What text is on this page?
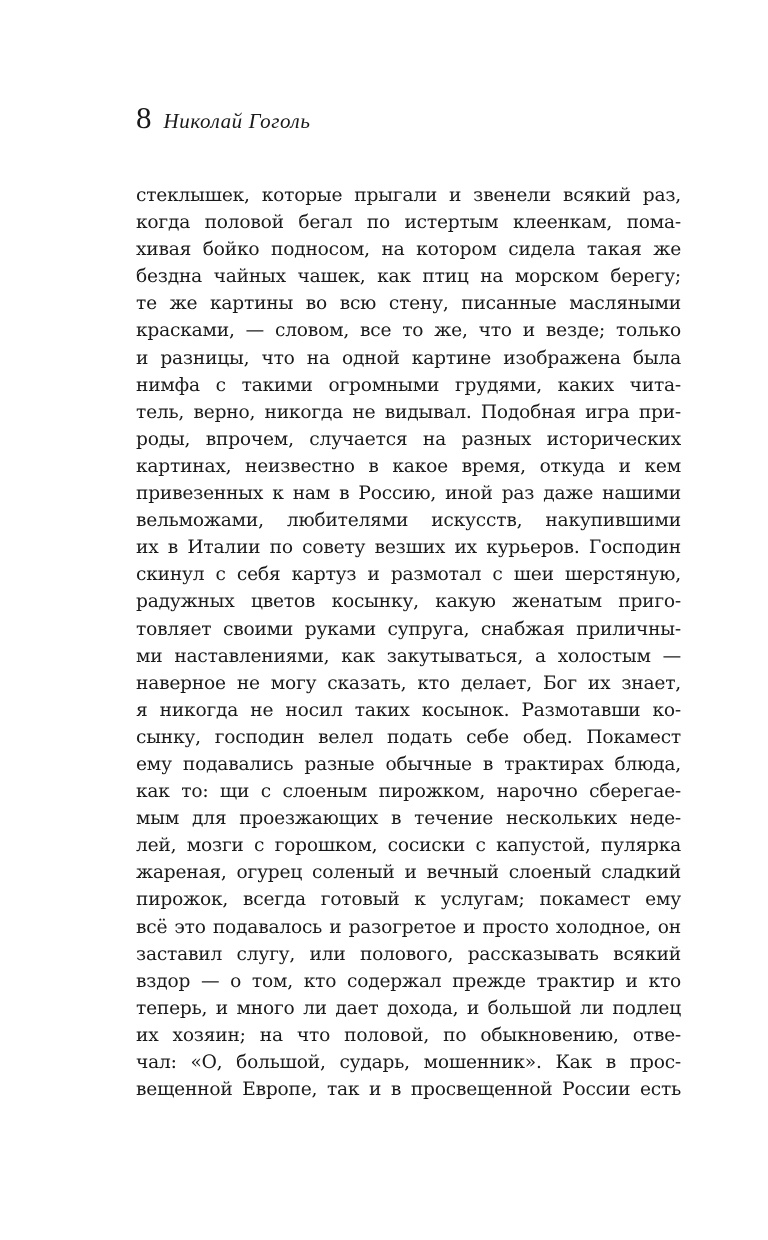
8 Николай Гоголь
стеклышек, которые прыгали и звенели всякий раз,
когда половой бегал по истертым клеенкам, пома-
хивая бойко подносом, на котором сидела такая же
бездна чайных чашек, как птиц на морском берегу;
те же картины во всю стену, писанные масляными
красками, — словом, все то же, что и везде; только
и разницы, что на одной картине изображена была
нимфа с такими огромными грудями, каких чита-
тель, верно, никогда не видывал. Подобная игра при-
роды, впрочем, случается на разных исторических
картинах, неизвестно в какое время, откуда и кем
привезенных к нам в Россию, иной раз даже нашими
вельможами, любителями искусств, накупившими
их в Италии по совету везших их курьеров. Господин
скинул с себя картуз и размотал с шеи шерстяную,
радужных цветов косынку, какую женатым приго-
товляет своими руками супруга, снабжая приличны-
ми наставлениями, как закутываться, а холостым —
наверное не могу сказать, кто делает, Бог их знает,
я никогда не носил таких косынок. Размотавши ко-
сынку, господин велел подать себе обед. Покамест
ему подавались разные обычные в трактирах блюда,
как то: щи с слоеным пирожком, нарочно сберегае-
мым для проезжающих в течение нескольких неде-
лей, мозги с горошком, сосиски с капустой, пулярка
жареная, огурец соленый и вечный слоеный сладкий
пирожок, всегда готовый к услугам; покамест ему
всё это подавалось и разогретое и просто холодное, он
заставил слугу, или полового, рассказывать всякий
вздор — о том, кто содержал прежде трактир и кто
теперь, и много ли дает дохода, и большой ли подлец
их хозяин; на что половой, по обыкновению, отве-
чал: «О, большой, сударь, мошенник». Как в прос-
вещенной Европе, так и в просвещенной России есть
